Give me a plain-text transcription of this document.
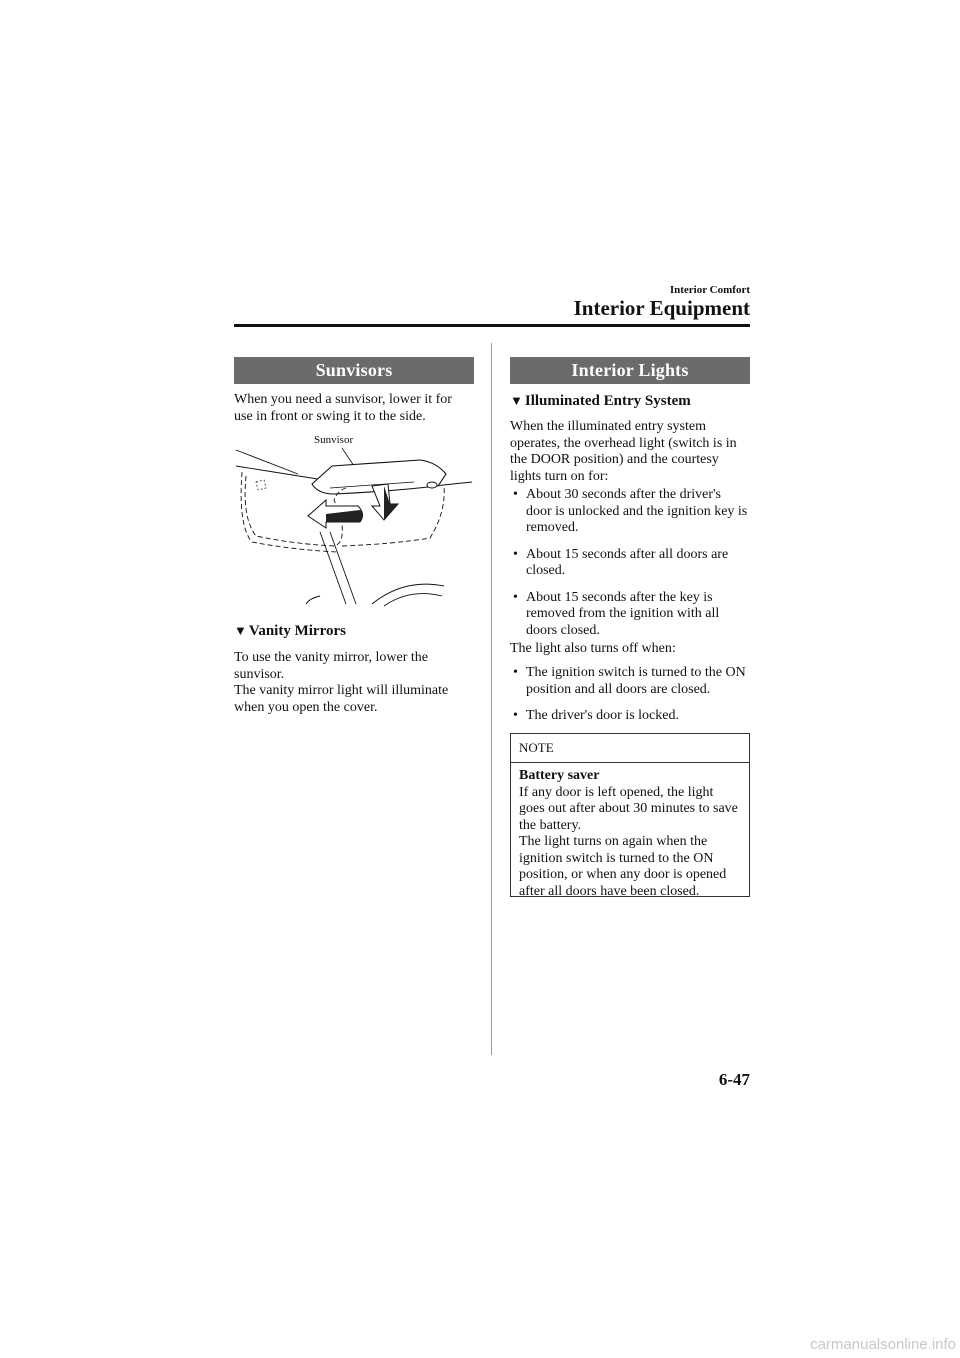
Interior Comfort
Interior Equipment
Sunvisors
When you need a sunvisor, lower it for use in front or swing it to the side.
Sunvisor
▼ Vanity Mirrors
To use the vanity mirror, lower the sunvisor.
The vanity mirror light will illuminate when you open the cover.
Interior Lights
▼ Illuminated Entry System
When the illuminated entry system operates, the overhead light (switch is in the DOOR position) and the courtesy lights turn on for:
• About 30 seconds after the driver's door is unlocked and the ignition key is removed.
• About 15 seconds after all doors are closed.
• About 15 seconds after the key is removed from the ignition with all doors closed.
The light also turns off when:
• The ignition switch is turned to the ON position and all doors are closed.
• The driver's door is locked.
NOTE
Battery saver
If any door is left opened, the light goes out after about 30 minutes to save the battery.
The light turns on again when the ignition switch is turned to the ON position, or when any door is opened after all doors have been closed.
6-47
carmanualsonline.info
